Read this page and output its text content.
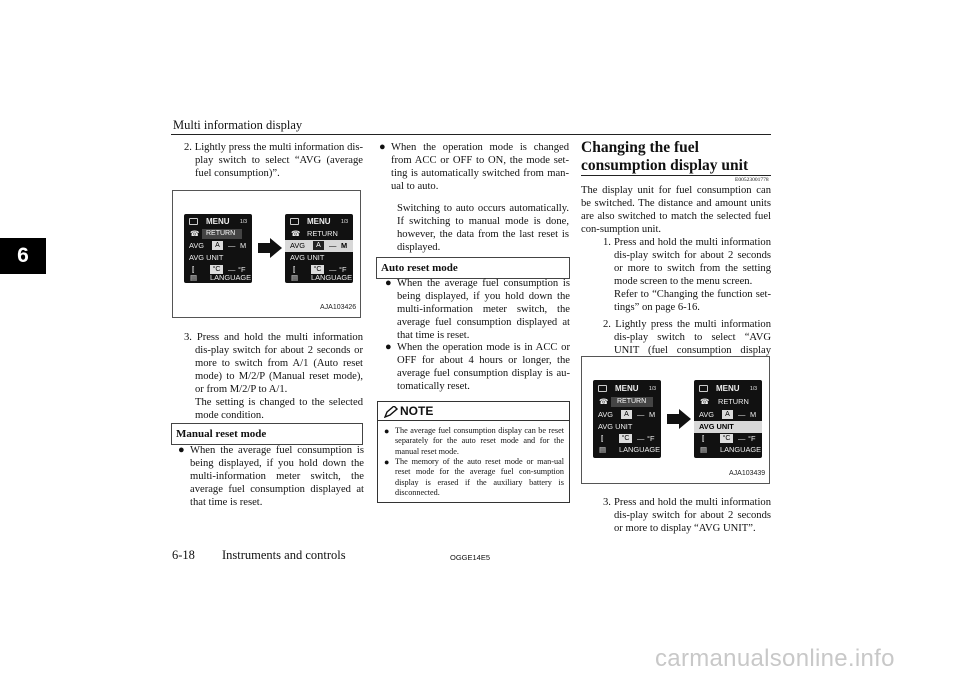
Multi information display
6
2. Lightly press the multi information dis-play switch to select “AVG (average fuel consumption)”.
MENU 1/3
☎ RETURN
AVG	A	— M
AVG UNIT
⫿	°C	— °F
▤ LANGUAGE
MENU 1/3
☎ RETURN
AVG	A	— M
AVG UNIT
⫿	°C	— °F
▤ LANGUAGE
AJA103426
3. Press and hold the multi information dis-play switch for about 2 seconds or more to switch from A/1 (Auto reset mode) to M/2/P (Manual reset mode), or from M/2/P to A/1.
The setting is changed to the selected mode condition.
Manual reset mode
● When the average fuel consumption is being displayed, if you hold down the multi-information meter switch, the average fuel consumption displayed at that time is reset.
● When the operation mode is changed from ACC or OFF to ON, the mode set-ting is automatically switched from man-ual to auto.
Switching to auto occurs automatically. If switching to manual mode is done, however, the data from the last reset is displayed.
Auto reset mode
● When the average fuel consumption is being displayed, if you hold down the multi-information meter switch, the average fuel consumption displayed at that time is reset.
● When the operation mode is in ACC or OFF for about 4 hours or longer, the average fuel consumption display is au-tomatically reset.
NOTE
● The average fuel consumption display can be reset separately for the auto reset mode and for the manual reset mode.
● The memory of the auto reset mode or man-ual reset mode for the average fuel con-sumption display is erased if the auxiliary battery is disconnected.
Changing the fuel consumption display unit
E00523001778
The display unit for fuel consumption can be switched. The distance and amount units are also switched to match the selected fuel con-sumption unit.
1. Press and hold the multi information dis-play switch for about 2 seconds or more to switch from the setting mode screen to the menu screen.
Refer to “Changing the function set-tings” on page 6-16.
2. Lightly press the multi information dis-play switch to select “AVG UNIT (fuel consumption display
MENU 1/3
☎	RETURN
AVG	A	— M
AVG UNIT
⫿	°C	— °F
▤ LANGUAGE
MENU 1/3
☎ RETURN
AVG	A	— M
AVG UNIT
⫿	°C	— °F
▤ LANGUAGE
AJA103439
3. Press and hold the multi information dis-play switch for about 2 seconds or more to display “AVG UNIT”.
6-18 Instruments and controls	OGGE14E5
carmanualsonline.info
